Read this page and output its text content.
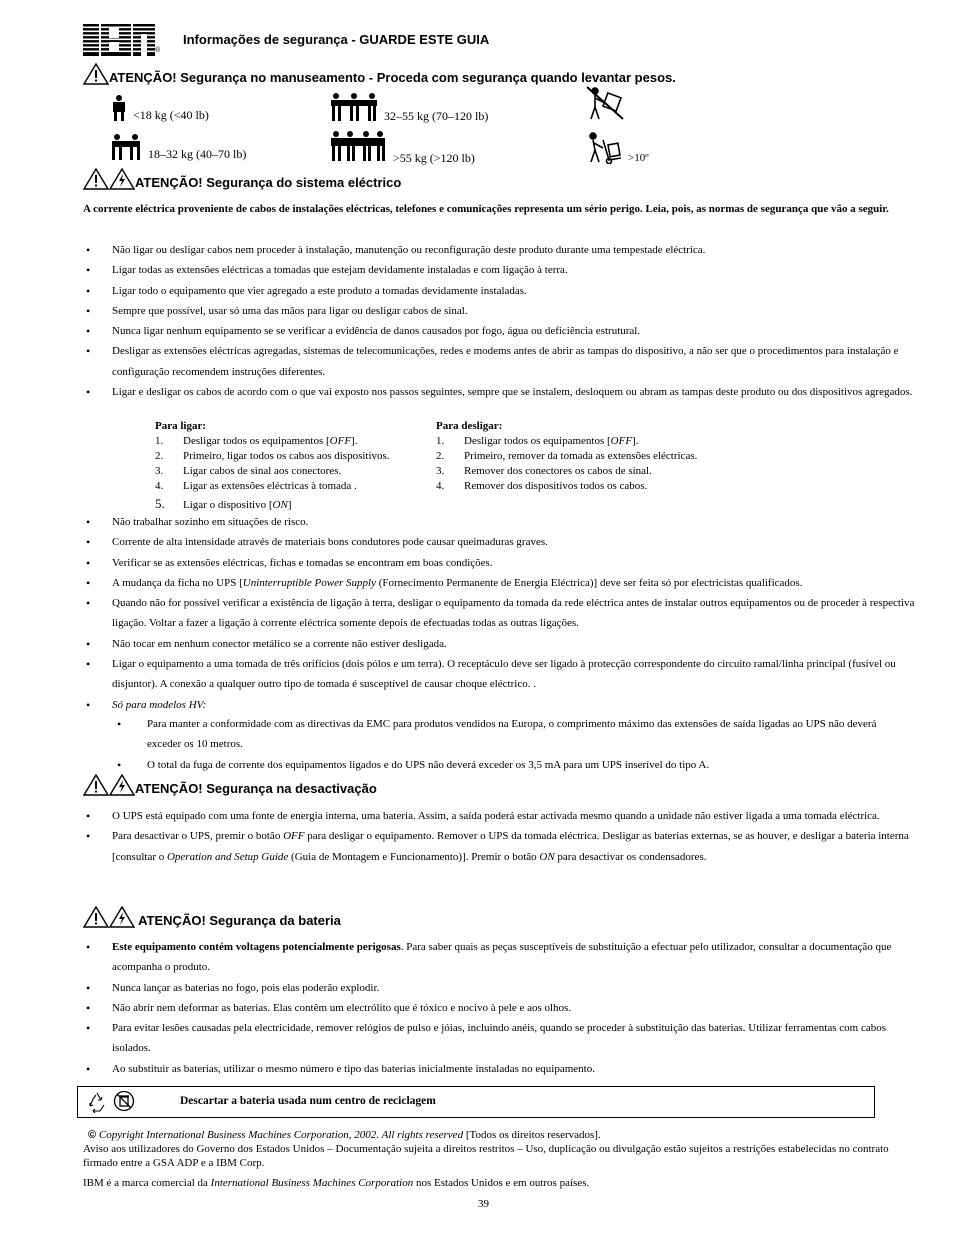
®
Informações de segurança - GUARDE ESTE GUIA
ATENÇÃO! Segurança no manuseamento - Proceda com segurança quando levantar pesos.
<18 kg (<40 lb)
18–32 kg (40–70 lb)
32–55 kg (70–120 lb)
>55 kg (>120 lb)	>10º
ATENÇÃO! Segurança do sistema eléctrico
A corrente eléctrica proveniente de cabos de instalações eléctricas, telefones e comunicações representa um sério perigo. Leia, pois, as normas de segurança que vão a seguir.
• Não ligar ou desligar cabos nem proceder à instalação, manutenção ou reconfiguração deste produto durante uma tempestade eléctrica.
• Ligar todas as extensões eléctricas a tomadas que estejam devidamente instaladas e com ligação à terra.
• Ligar todo o equipamento que vier agregado a este produto a tomadas devidamente instaladas.
• Sempre que possível, usar só uma das mãos para ligar ou desligar cabos de sinal.
• Nunca ligar nenhum equipamento se se verificar a evidência de danos causados por fogo, água ou deficiência estrutural.
• Desligar as extensões eléctricas agregadas, sistemas de telecomunicações, redes e modems antes de abrir as tampas do dispositivo, a não ser que o procedimentos para instalação e configuração recomendem instruções diferentes.
• Ligar e desligar os cabos de acordo com o que vai exposto nos passos seguintes, sempre que se instalem, desloquem ou abram as tampas deste produto ou dos dispositivos agregados.
Para ligar:
1. Desligar todos os equipamentos [OFF].
2. Primeiro, ligar todos os cabos aos dispositivos.
3. Ligar cabos de sinal aos conectores.
4. Ligar as extensões eléctricas à tomada .
5. Ligar o dispositivo [ON]
Para desligar:
1. Desligar todos os equipamentos [OFF].
2. Primeiro, remover da tomada as extensões eléctricas.
3. Remover dos conectores os cabos de sinal.
4. Remover dos dispositivos todos os cabos.
• Não trabalhar sozinho em situações de risco.
• Corrente de alta intensidade através de materiais bons condutores pode causar queimaduras graves.
• Verificar se as extensões eléctricas, fichas e tomadas se encontram em boas condições.
• A mudança da ficha no UPS [Uninterruptible Power Supply (Fornecimento Permanente de Energia Eléctrica)] deve ser feita só por electricistas qualificados.
• Quando não for possível verificar a existência de ligação à terra, desligar o equipamento da tomada da rede eléctrica antes de instalar outros equipamentos ou de proceder à respectiva ligação. Voltar a fazer a ligação à corrente eléctrica somente depois de efectuadas todas as outras ligações.
• Não tocar em nenhum conector metálico se a corrente não estiver desligada.
• Ligar o equipamento a uma tomada de três orifícios (dois pólos e um terra). O receptáculo deve ser ligado à protecção correspondente do circuito ramal/linha principal (fusível ou disjuntor). A conexão a qualquer outro tipo de tomada é susceptível de causar choque eléctrico. .
• Só para modelos HV:
• Para manter a conformidade com as directivas da EMC para produtos vendidos na Europa, o comprimento máximo das extensões de saída ligadas ao UPS não deverá exceder os 10 metros.
• O total da fuga de corrente dos equipamentos ligados e do UPS não deverá exceder os 3,5 mA para um UPS inserível do tipo A.
ATENÇÃO! Segurança na desactivação
• O UPS está equipado com uma fonte de energia interna, uma bateria. Assim, a saída poderá estar activada mesmo quando a unidade não estiver ligada a uma tomada eléctrica.
• Para desactivar o UPS, premir o botão OFF para desligar o equipamento. Remover o UPS da tomada eléctrica. Desligar as baterias externas, se as houver, e desligar a bateria interna [consultar o Operation and Setup Guide (Guia de Montagem e Funcionamento)]. Premir o botão ON para desactivar os condensadores.
ATENÇÃO! Segurança da bateria
• Este equipamento contém voltagens potencialmente perigosas. Para saber quais as peças susceptíveis de substituição a efectuar pelo utilizador, consultar a documentação que acompanha o produto.
• Nunca lançar as baterias no fogo, pois elas poderão explodir.
• Não abrir nem deformar as baterias. Elas contêm um electrólito que é tóxico e nocivo à pele e aos olhos.
• Para evitar lesões causadas pela electricidade, remover relógios de pulso e jóias, incluindo anéis, quando se proceder à substituição das baterias. Utilizar ferramentas com cabos isolados.
• Ao substituir as baterias, utilizar o mesmo número e tipo das baterias inicialmente instaladas no equipamento.
Descartar a bateria usada num centro de reciclagem
© Copyright International Business Machines Corporation, 2002. All rights reserved [Todos os direitos reservados].
Aviso aos utilizadores do Governo dos Estados Unidos – Documentação sujeita a direitos restritos – Uso, duplicação ou divulgação estão sujeitos a restrições estabelecidas no contrato firmado entre a GSA ADP e a IBM Corp.
IBM é a marca comercial da International Business Machines Corporation nos Estados Unidos e em outros países.
39
